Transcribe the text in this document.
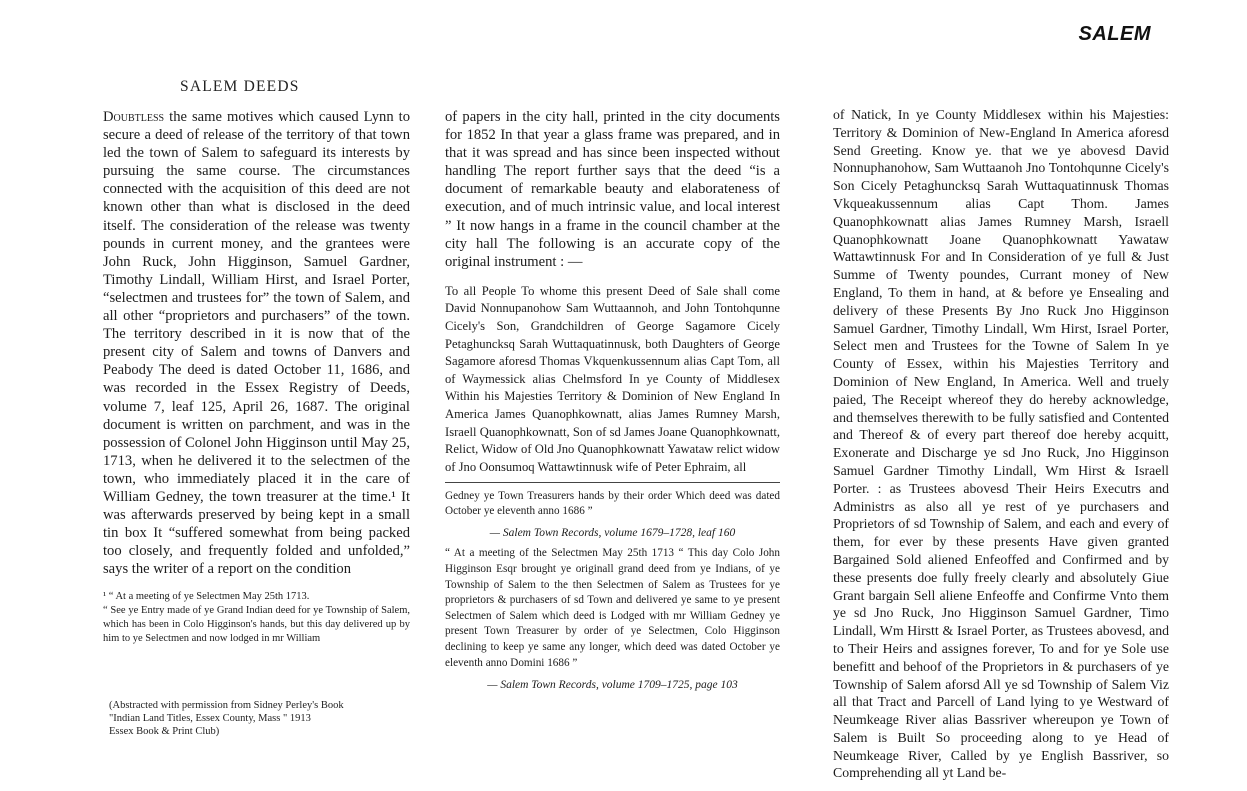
SALEM
SALEM DEEDS

Doubtless the same motives which caused Lynn to secure a deed of release of the territory of that town led the town of Salem to safeguard its interests by pursuing the same course. The circumstances connected with the acquisition of this deed are not known other than what is disclosed in the deed itself. The consideration of the release was twenty pounds in current money, and the grantees were John Ruck, John Higginson, Samuel Gardner, Timothy Lindall, William Hirst, and Israel Porter, “selectmen and trustees for” the town of Salem, and all other “proprietors and purchasers” of the town. The territory described in it is now that of the present city of Salem and towns of Danvers and Peabody The deed is dated October 11, 1686, and was recorded in the Essex Registry of Deeds, volume 7, leaf 125, April 26, 1687. The original document is written on parchment, and was in the possession of Colonel John Higginson until May 25, 1713, when he delivered it to the selectmen of the town, who immediately placed it in the care of William Gedney, the town treasurer at the time.¹ It was afterwards preserved by being kept in a small tin box It “suffered somewhat from being packed too closely, and frequently folded and unfolded,” says the writer of a report on the condition

¹ “ At a meeting of ye Selectmen May 25th 1713.

“ See ye Entry made of ye Grand Indian deed for ye Township of Salem, which has been in Colo Higginson's hands, but this day delivered up by him to ye Selectmen and now lodged in mr William

of papers in the city hall, printed in the city documents for 1852 In that year a glass frame was prepared, and in that it was spread and has since been inspected without handling The report further says that the deed “is a document of remarkable beauty and elaborateness of execution, and of much intrinsic value, and local interest ” It now hangs in a frame in the council chamber at the city hall The following is an accurate copy of the original instrument : —

To all People To whome this present Deed of Sale shall come David Nonnupanohow Sam Wuttaannoh, and John Tontohqunne Cicely's Son, Grandchildren of George Sagamore Cicely Petaghuncksq Sarah Wuttaquatinnusk, both Daughters of George Sagamore aforesd Thomas Vkquenkussennum alias Capt Tom, all of Waymessick alias Chelmsford In ye County of Middlesex Within his Majesties Territory & Dominion of New England In America James Quanophkownatt, alias James Rumney Marsh, Israell Quanophkownatt, Son of sd James Joane Quanophkownatt, Relict, Widow of Old Jno Quanophkownatt Yawataw relict widow of Jno Oonsumoq Wattawtinnusk wife of Peter Ephraim, all

Gedney ye Town Treasurers hands by their order Which deed was dated October ye eleventh anno 1686 ”

— Salem Town Records, volume 1679–1728, leaf 160

“ At a meeting of the Selectmen May 25th 1713 “ This day Colo John Higginson Esqr brought ye originall grand deed from ye Indians, of ye Township of Salem to the then Selectmen of Salem as Trustees for ye proprietors & purchasers of sd Town and delivered ye same to ye present Selectmen of Salem which deed is Lodged with mr William Gedney ye present Town Treasurer by order of ye Selectmen, Colo Higginson declining to keep ye same any longer, which deed was dated October ye eleventh anno Domini 1686 ”

— Salem Town Records, volume 1709–1725, page 103

of Natick, In ye County Middlesex within his Majesties: Territory & Dominion of New-England In America aforesd Send Greeting. Know ye. that we ye abovesd David Nonnuphanohow, Sam Wuttaanoh Jno Tontohqunne Cicely's Son Cicely Petaghuncksq Sarah Wuttaquatinnusk Thomas Vkqueakussennum alias Capt Thom. James Quanophkownatt alias James Rumney Marsh, Israell Quanophkownatt Joane Quanophkownatt Yawataw Wattawtinnusk For and In Consideration of ye full & Just Summe of Twenty poundes, Currant money of New England, To them in hand, at & before ye Ensealing and delivery of these Presents By Jno Ruck Jno Higginson Samuel Gardner, Timothy Lindall, Wm Hirst, Israel Porter, Select men and Trustees for the Towne of Salem In ye County of Essex, within his Majesties Territory and Dominion of New England, In America. Well and truely paied, The Receipt whereof they do hereby acknowledge, and themselves therewith to be fully satisfied and Contented and Thereof & of every part thereof doe hereby acquitt, Exonerate and Discharge ye sd Jno Ruck, Jno Higginson Samuel Gardner Timothy Lindall, Wm Hirst & Israell Porter. : as Trustees abovesd Their Heirs Executrs and Administrs as also all ye rest of ye purchasers and Proprietors of sd Township of Salem, and each and every of them, for ever by these presents Have given granted Bargained Sold aliened Enfeoffed and Confirmed and by these presents doe fully freely clearly and absolutely Giue Grant bargain Sell aliene Enfeoffe and Confirme Vnto them ye sd Jno Ruck, Jno Higginson Samuel Gardner, Timo Lindall, Wm Hirstt & Israel Porter, as Trustees abovesd, and to Their Heirs and assignes forever, To and for ye Sole use benefitt and behoof of the Proprietors in & purchasers of ye Township of Salem aforsd All ye sd Township of Salem Viz all that Tract and Parcell of Land lying to ye Westward of Neumkeage River alias Bassriver whereupon ye Town of Salem is Built So proceeding along to ye Head of Neumkeage River, Called by ye English Bassriver, so Comprehending all yt Land be-

(Abstracted with permission from Sidney Perley's Book
"Indian Land Titles, Essex County, Mass " 1913
Essex Book & Print Club)
